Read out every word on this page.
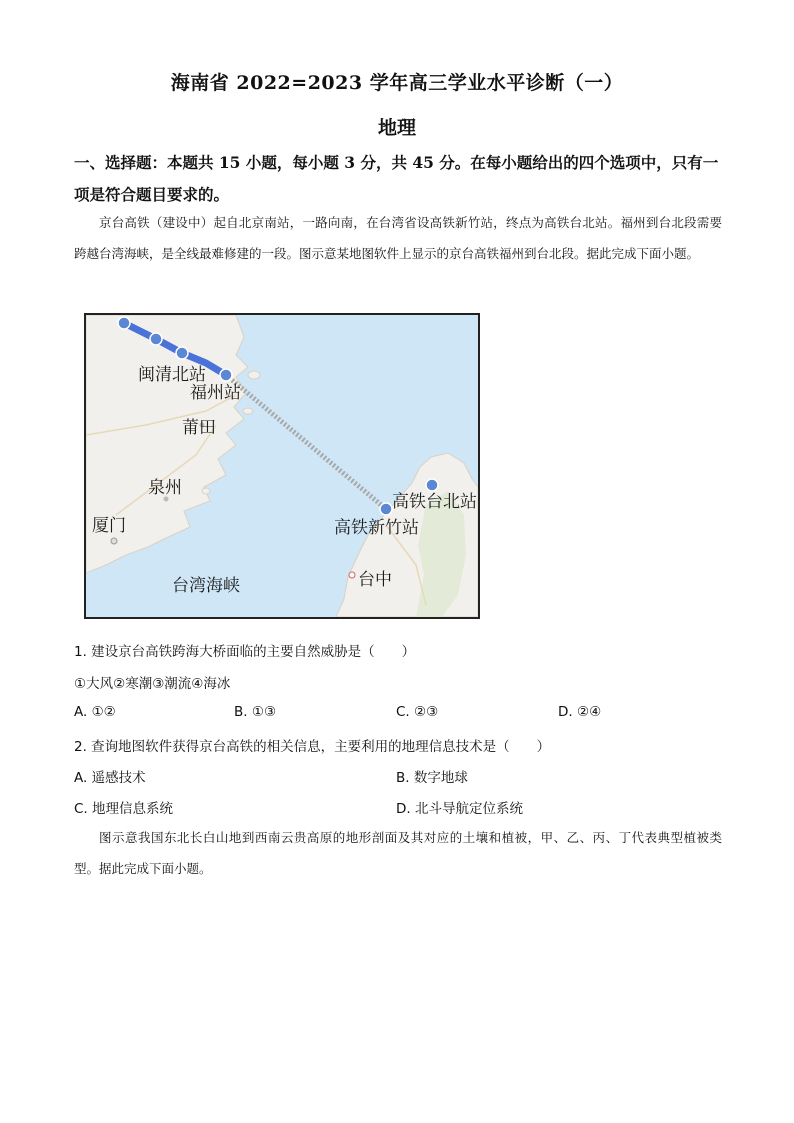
海南省 2022=2023 学年高三学业水平诊断（一）
地理
一、选择题：本题共 15 小题，每小题 3 分，共 45 分。在每小题给出的四个选项中，只有一
项是符合题目要求的。
京台高铁（建设中）起自北京南站，一路向南，在台湾省设高铁新竹站，终点为高铁台北站。福州到台北段需要跨越台湾海峡，是全线最难修建的一段。图示意某地图软件上显示的京台高铁福州到台北段。据此完成下面小题。
闽清北站
福州站
莆田
泉州
厦门
台湾海峡
高铁台北站
高铁新竹站
台中
1. 建设京台高铁跨海大桥面临的主要自然威胁是（　　）
①大风②寒潮③潮流④海冰
A. ①②	B. ①③	C. ②③	D. ②④
2. 查询地图软件获得京台高铁的相关信息，主要利用的地理信息技术是（　　）
A. 遥感技术	B. 数字地球
C. 地理信息系统	D. 北斗导航定位系统
图示意我国东北长白山地到西南云贵高原的地形剖面及其对应的土壤和植被，甲、乙、丙、丁代表典型植被类型。据此完成下面小题。
